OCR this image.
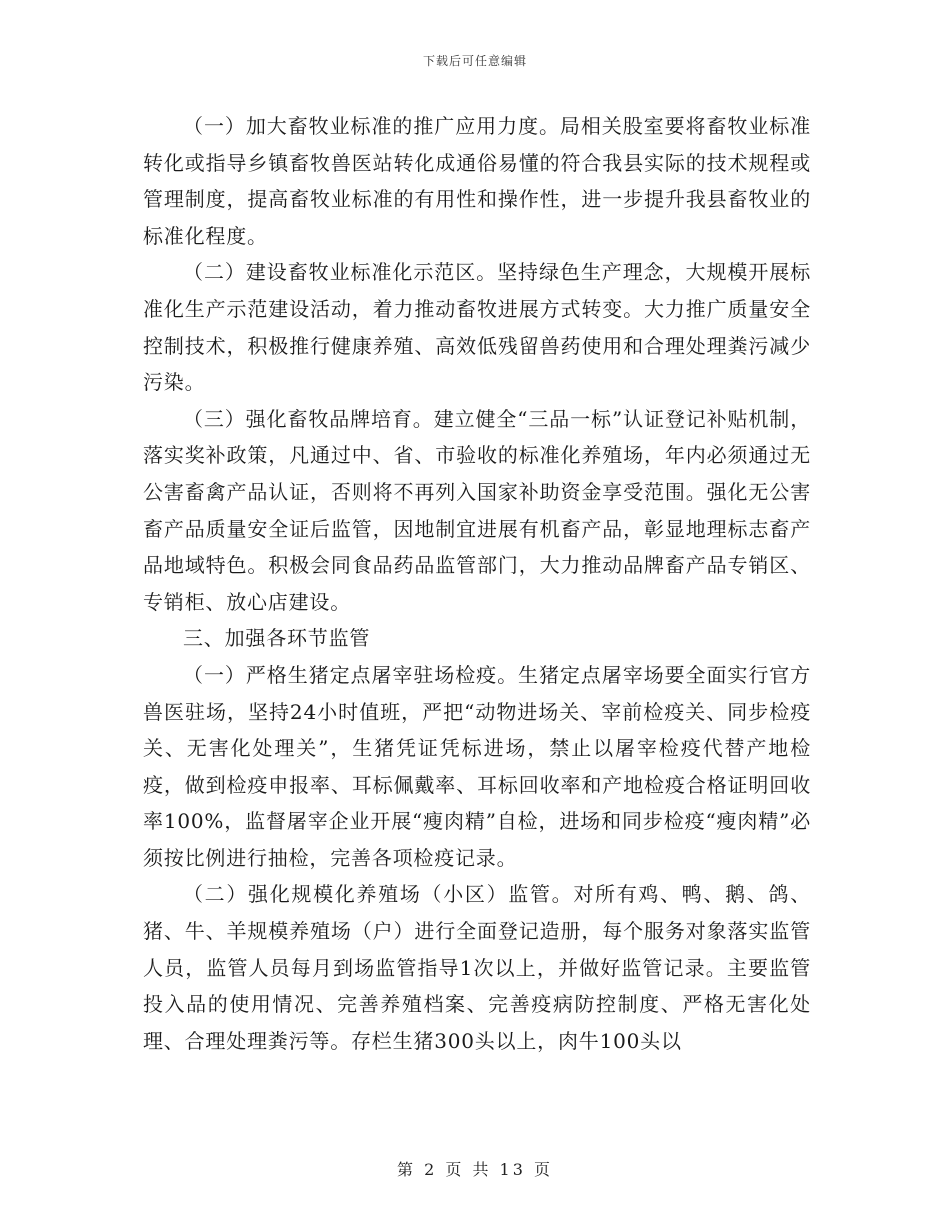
下载后可任意编辑

（一）加大畜牧业标准的推广应用力度。局相关股室要将畜牧业标准转化或指导乡镇畜牧兽医站转化成通俗易懂的符合我县实际的技术规程或管理制度，提高畜牧业标准的有用性和操作性，进一步提升我县畜牧业的标准化程度。

（二）建设畜牧业标准化示范区。坚持绿色生产理念，大规模开展标准化生产示范建设活动，着力推动畜牧进展方式转变。大力推广质量安全控制技术，积极推行健康养殖、高效低残留兽药使用和合理处理粪污减少污染。

（三）强化畜牧品牌培育。建立健全“三品一标”认证登记补贴机制，落实奖补政策，凡通过中、省、市验收的标准化养殖场，年内必须通过无公害畜禽产品认证，否则将不再列入国家补助资金享受范围。强化无公害畜产品质量安全证后监管，因地制宜进展有机畜产品，彰显地理标志畜产品地域特色。积极会同食品药品监管部门，大力推动品牌畜产品专销区、专销柜、放心店建设。

三、加强各环节监管

（一）严格生猪定点屠宰驻场检疫。生猪定点屠宰场要全面实行官方兽医驻场，坚持24小时值班，严把“动物进场关、宰前检疫关、同步检疫关、无害化处理关”，生猪凭证凭标进场，禁止以屠宰检疫代替产地检疫，做到检疫申报率、耳标佩戴率、耳标回收率和产地检疫合格证明回收率100%，监督屠宰企业开展“瘦肉精”自检，进场和同步检疫“瘦肉精”必须按比例进行抽检，完善各项检疫记录。

（二）强化规模化养殖场（小区）监管。对所有鸡、鸭、鹅、鸽、猪、牛、羊规模养殖场（户）进行全面登记造册，每个服务对象落实监管人员，监管人员每月到场监管指导1次以上，并做好监管记录。主要监管投入品的使用情况、完善养殖档案、完善疫病防控制度、严格无害化处理、合理处理粪污等。存栏生猪300头以上，肉牛100头以

第 2 页 共 13 页
